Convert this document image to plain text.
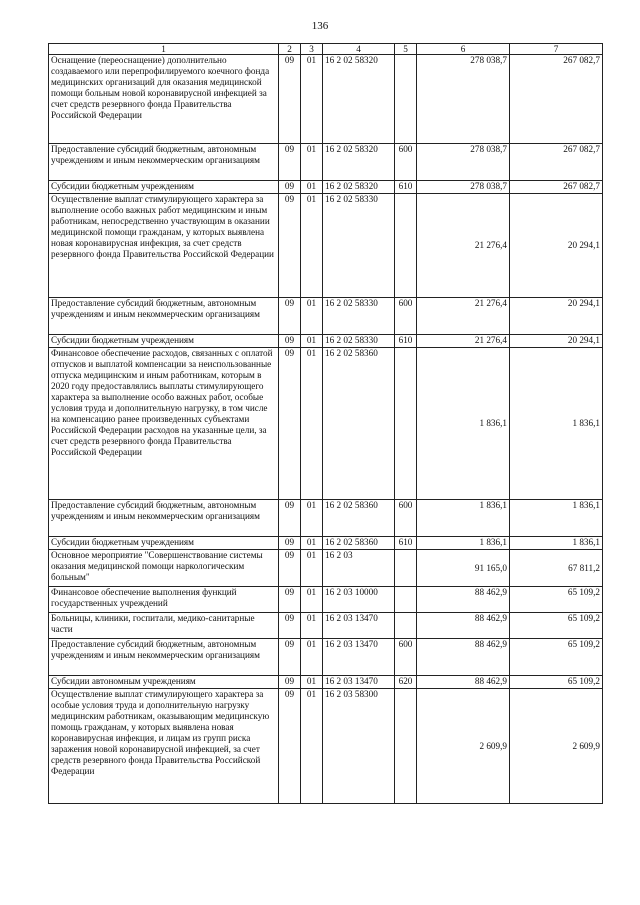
136
1	2	3	4	5	6	7
Оснащение (переоснащение) дополнительно создаваемого или перепрофилируемого коечного фонда медицинских организаций для оказания медицинской помощи больным новой коронавирусной инфекцией за счет средств резервного фонда Правительства Российской Федерации	09	01	16 2 02 58320		278 038,7	267 082,7
Предоставление субсидий бюджетным, автономным учреждениям и иным некоммерческим организациям	09	01	16 2 02 58320	600	278 038,7	267 082,7
Субсидии бюджетным учреждениям	09	01	16 2 02 58320	610	278 038,7	267 082,7
Осуществление выплат стимулирующего характера за выполнение особо важных работ медицинским и иным работникам, непосредственно участвующим в оказании медицинской помощи гражданам, у которых выявлена новая коронавирусная инфекция, за счет средств резервного фонда Правительства Российской Федерации	09	01	16 2 02 58330		21 276,4	20 294,1
Предоставление субсидий бюджетным, автономным учреждениям и иным некоммерческим организациям	09	01	16 2 02 58330	600	21 276,4	20 294,1
Субсидии бюджетным учреждениям	09	01	16 2 02 58330	610	21 276,4	20 294,1
Финансовое обеспечение расходов, связанных с оплатой отпусков и выплатой компенсации за неиспользованные отпуска медицинским и иным работникам, которым в 2020 году предоставлялись выплаты стимулирующего характера за выполнение особо важных работ, особые условия труда и дополнительную нагрузку, в том числе на компенсацию ранее произведенных субъектами Российской Федерации расходов на указанные цели, за счет средств резервного фонда Правительства Российской Федерации	09	01	16 2 02 58360		1 836,1	1 836,1
Предоставление субсидий бюджетным, автономным учреждениям и иным некоммерческим организациям	09	01	16 2 02 58360	600	1 836,1	1 836,1
Субсидии бюджетным учреждениям	09	01	16 2 02 58360	610	1 836,1	1 836,1
Основное мероприятие "Совершенствование системы оказания медицинской помощи наркологическим больным"	09	01	16 2 03		91 165,0	67 811,2
Финансовое обеспечение выполнения функций государственных учреждений	09	01	16 2 03 10000		88 462,9	65 109,2
Больницы, клиники, госпитали, медико-санитарные части	09	01	16 2 03 13470		88 462,9	65 109,2
Предоставление субсидий бюджетным, автономным учреждениям и иным некоммерческим организациям	09	01	16 2 03 13470	600	88 462,9	65 109,2
Субсидии автономным учреждениям	09	01	16 2 03 13470	620	88 462,9	65 109,2
Осуществление выплат стимулирующего характера за особые условия труда и дополнительную нагрузку медицинским работникам, оказывающим медицинскую помощь гражданам, у которых выявлена новая коронавирусная инфекция, и лицам из групп риска заражения новой коронавирусной инфекцией, за счет средств резервного фонда Правительства Российской Федерации	09	01	16 2 03 58300		2 609,9	2 609,9
